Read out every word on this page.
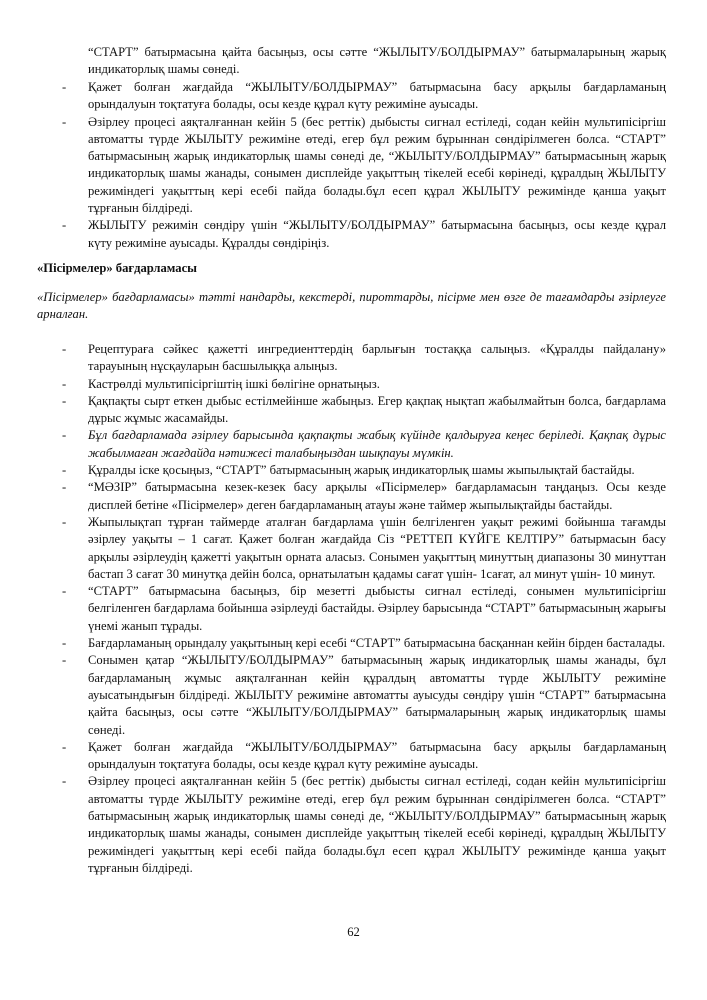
“СТАРТ” батырмасына қайта басыңыз, осы сәтте “ЖЫЛЫТУ/БОЛДЫРМАУ” батырмаларының жарық индикаторлық шамы сөнеді.
- Қажет болған жағдайда “ЖЫЛЫТУ/БОЛДЫРМАУ” батырмасына басу арқылы бағдарламаның орындалуын тоқтатуға болады, осы кезде құрал күту режиміне ауысады.
- Әзірлеу процесі аяқталғаннан кейін 5 (бес реттік) дыбысты сигнал естіледі, содан кейін мультипісіргіш автоматты түрде ЖЫЛЫТУ режиміне өтеді, егер бұл режим бұрыннан сөндірілмеген болса. “СТАРТ” батырмасының жарық индикаторлық шамы сөнеді де, “ЖЫЛЫТУ/БОЛДЫРМАУ” батырмасының жарық индикаторлық шамы жанады, сонымен дисплейде уақыттың тікелей есебі көрінеді, құралдың ЖЫЛЫТУ режиміндегі уақыттың кері есебі пайда болады.бұл есеп құрал ЖЫЛЫТУ режимінде қанша уақыт тұрғанын білдіреді.
- ЖЫЛЫТУ режимін сөндіру үшін “ЖЫЛЫТУ/БОЛДЫРМАУ” батырмасына басыңыз, осы кезде құрал күту режиміне ауысады. Құралды сөндіріңіз.
«Пісірмелер» бағдарламасы
«Пісірмелер» бағдарламасы» тәтті нандарды, кекстерді, пироттарды, пісірме мен өзге де тағамдарды әзірлеуге арналған.
- Рецептураға сәйкес қажетті ингредиенттердің барлығын тостаққа салыңыз. «Құралды пайдалану» тарауының нұсқауларын басшылыққа алыңыз.
- Кастрөлді мультипісіргіштің ішкі бөлігіне орнатыңыз.
- Қақпақты сырт еткен дыбыс естілмейінше жабыңыз. Егер қақпақ нықтап жабылмайтын болса, бағдарлама дұрыс жұмыс жасамайды.
- Бұл бағдарламада әзірлеу барысында қақпақты жабық күйінде қалдыруға кеңес беріледі. Қақпақ дұрыс жабылмаған жағдайда нәтижесі талабыңыздан шықпауы мүмкін.
- Құралды іске қосыңыз, “СТАРТ” батырмасының жарық индикаторлық шамы жыпылықтай бастайды.
- “МӘЗІР” батырмасына кезек-кезек басу арқылы «Пісірмелер» бағдарламасын таңдаңыз. Осы кезде дисплей бетіне «Пісірмелер» деген бағдарламаның атауы және таймер жыпылықтайды бастайды.
- Жыпылықтап тұрған таймерде аталған бағдарлама үшін белгіленген уақыт режимі бойынша тағамды әзірлеу уақыты – 1 сағат. Қажет болған жағдайда Сіз “РЕТТЕП КҮЙГЕ КЕЛТІРУ” батырмасын басу арқылы әзірлеудің қажетті уақытын орната аласыз. Сонымен уақыттың минуттың диапазоны 30 минуттан бастап 3 сағат 30 минутқа дейін болса, орнатылатын қадамы сағат үшін- 1сағат, ал минут үшін- 10 минут.
- “СТАРТ” батырмасына басыңыз, бір мезетті дыбысты сигнал естіледі, сонымен мультипісіргіш белгіленген бағдарлама бойынша әзірлеуді бастайды. Әзірлеу барысында “СТАРТ” батырмасының жарығы үнемі жанып тұрады.
- Бағдарламаның орындалу уақытының кері есебі “СТАРТ” батырмасына басқаннан кейін бірден басталады.
- Сонымен қатар “ЖЫЛЫТУ/БОЛДЫРМАУ” батырмасының жарық индикаторлық шамы жанады, бұл бағдарламаның жұмыс аяқталғаннан кейін құралдың автоматты түрде ЖЫЛЫТУ режиміне ауысатындығын білдіреді. ЖЫЛЫТУ режиміне автоматты ауысуды сөндіру үшін “СТАРТ” батырмасына қайта басыңыз, осы сәтте “ЖЫЛЫТУ/БОЛДЫРМАУ” батырмаларының жарық индикаторлық шамы сөнеді.
- Қажет болған жағдайда “ЖЫЛЫТУ/БОЛДЫРМАУ” батырмасына басу арқылы бағдарламаның орындалуын тоқтатуға болады, осы кезде құрал күту режиміне ауысады.
- Әзірлеу процесі аяқталғаннан кейін 5 (бес реттік) дыбысты сигнал естіледі, содан кейін мультипісіргіш автоматты түрде ЖЫЛЫТУ режиміне өтеді, егер бұл режим бұрыннан сөндірілмеген болса. “СТАРТ” батырмасының жарық индикаторлық шамы сөнеді де, “ЖЫЛЫТУ/БОЛДЫРМАУ” батырмасының жарық индикаторлық шамы жанады, сонымен дисплейде уақыттың тікелей есебі көрінеді, құралдың ЖЫЛЫТУ режиміндегі уақыттың кері есебі пайда болады.бұл есеп құрал ЖЫЛЫТУ режимінде қанша уақыт тұрғанын білдіреді.
62
